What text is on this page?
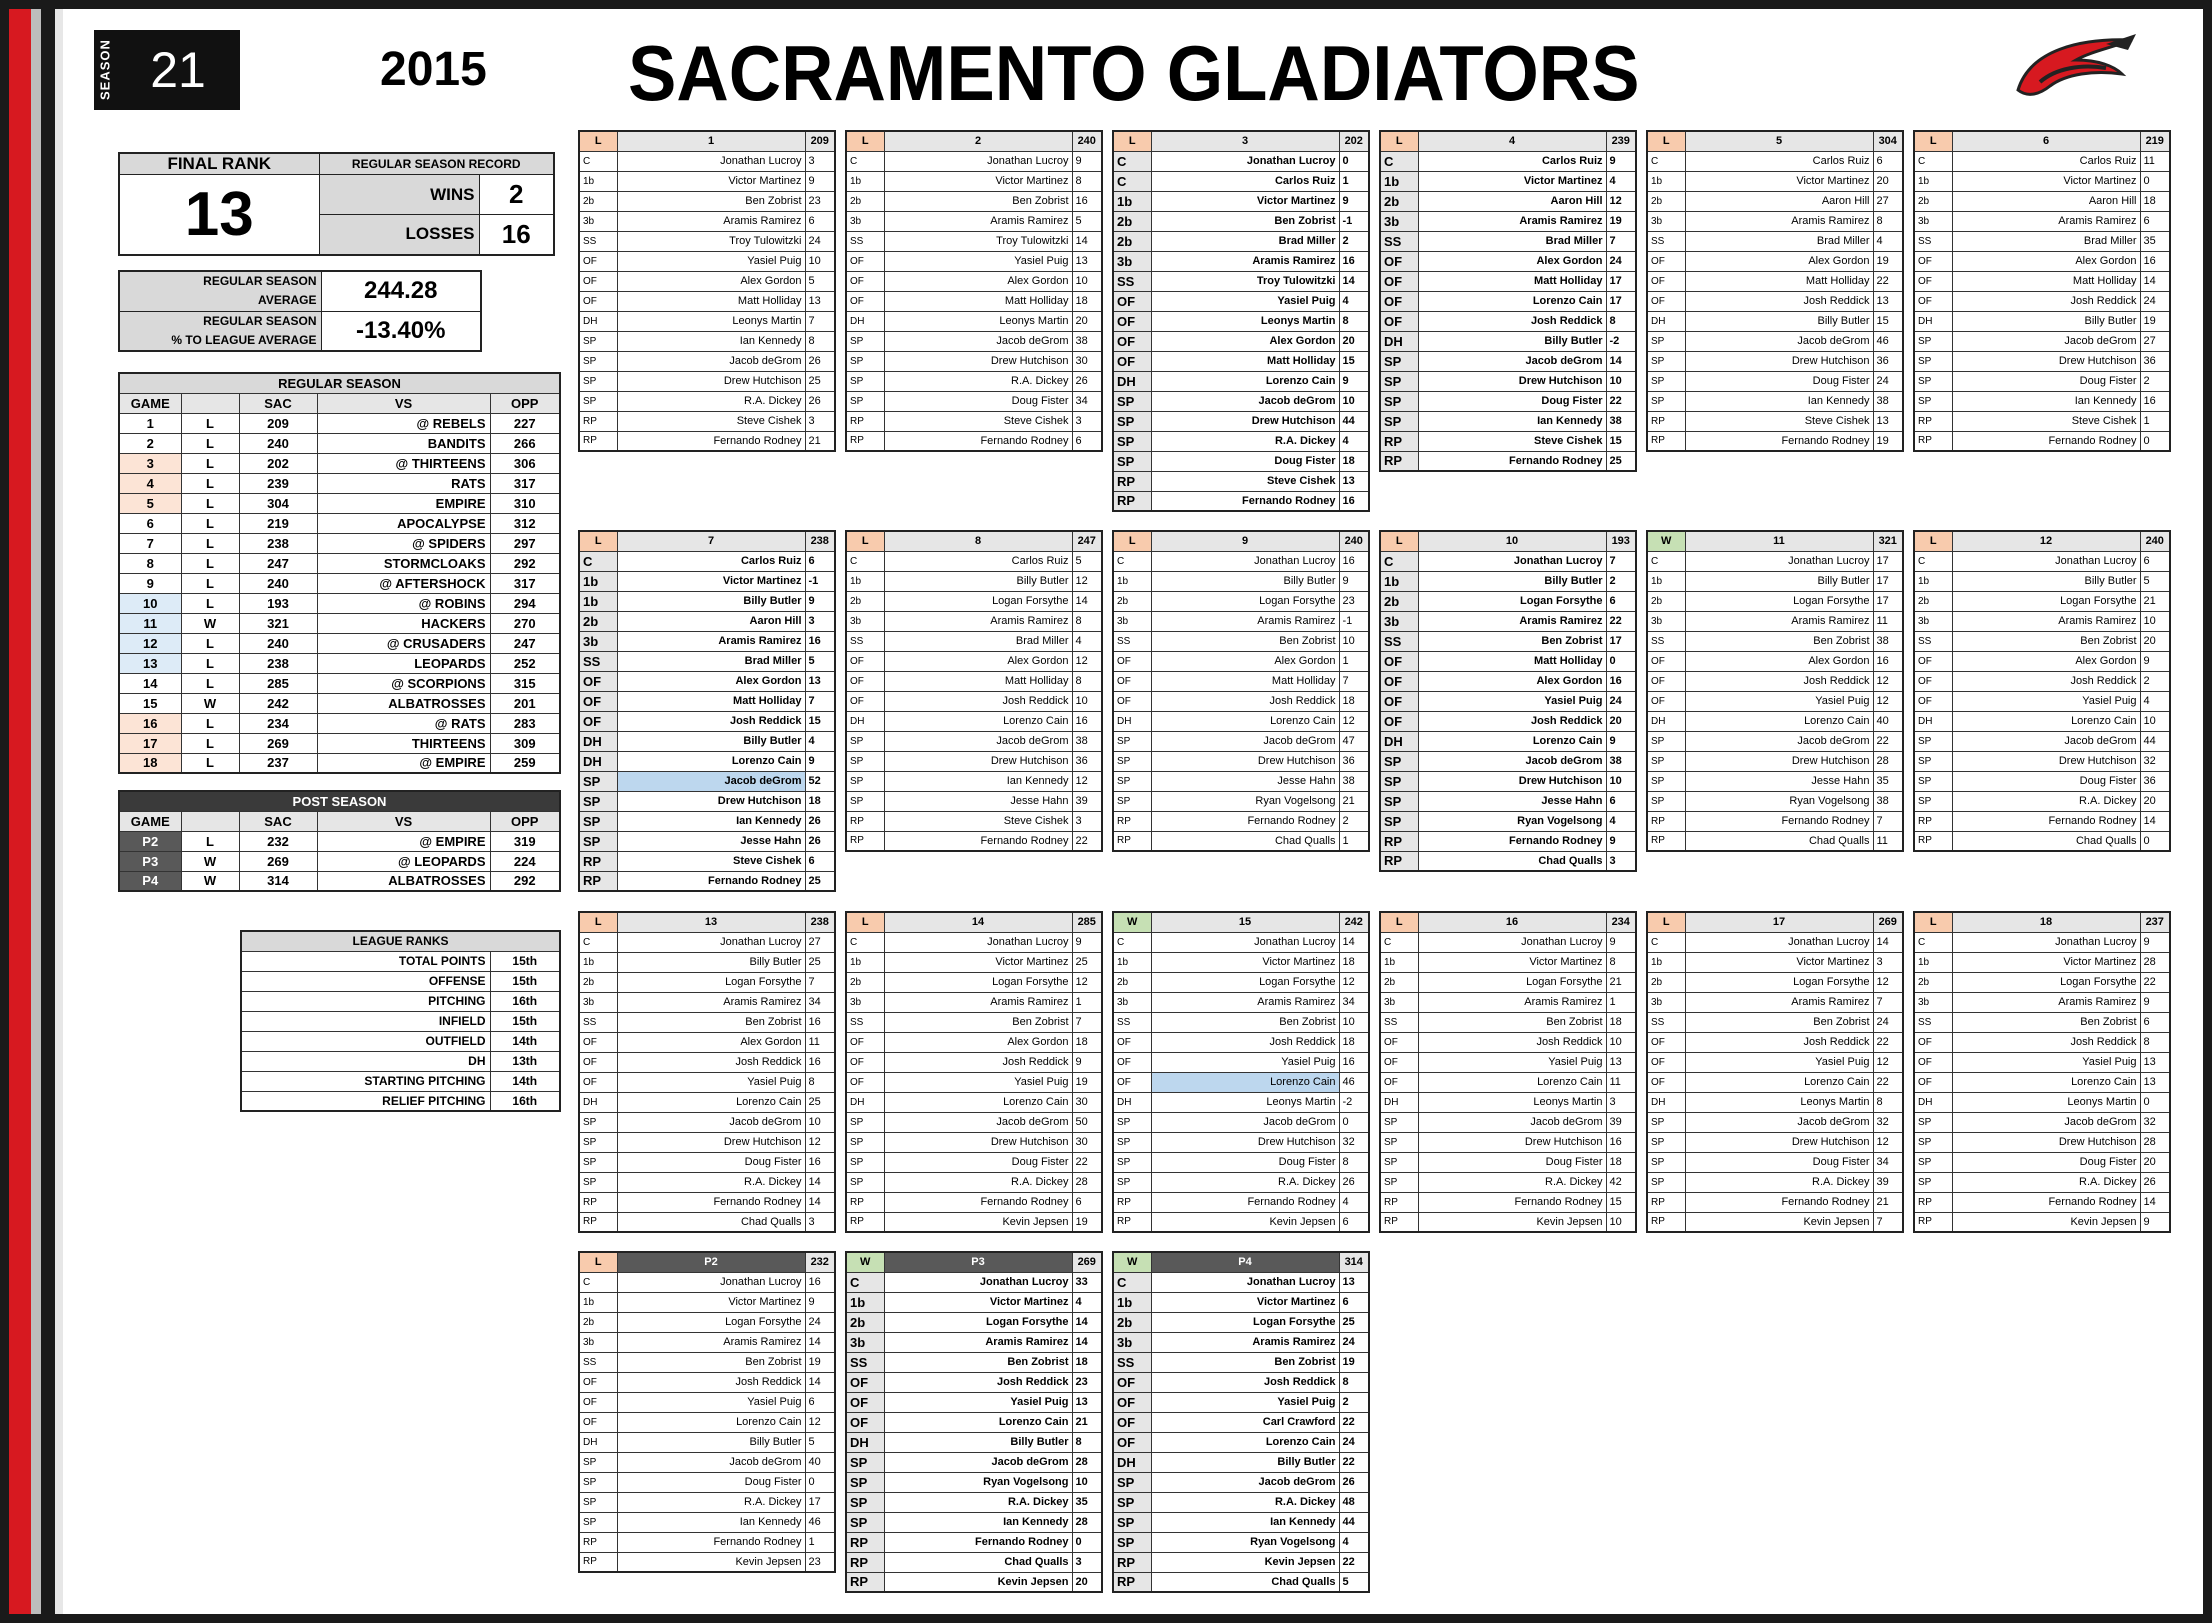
SEASON 21	2015 SACRAMENTO GLADIATORS
FINAL RANK	REGULAR SEASON RECORD	
13	WINS	2
	LOSSES	16
REGULAR SEASON
AVERAGE	244.28

REGULAR SEASON
% TO LEAGUE AVERAGE	-13.40%
REGULAR SEASON				
GAME		SAC	VS	OPP
1	L	209	@ REBELS	227
2	L	240	BANDITS	266
3	L	202	@ THIRTEENS	306
4	L	239	RATS	317
5	L	304	EMPIRE	310
6	L	219	APOCALYPSE	312
7	L	238	@ SPIDERS	297
8	L	247	STORMCLOAKS	292
9	L	240	@ AFTERSHOCK	317
10	L	193	@ ROBINS	294
11	W	321	HACKERS	270
12	L	240	@ CRUSADERS	247
13	L	238	LEOPARDS	252
14	L	285	@ SCORPIONS	315
15	W	242	ALBATROSSES	201
16	L	234	@ RATS	283
17	L	269	THIRTEENS	309
18	L	237	@ EMPIRE	259
POST SEASON				
GAME		SAC	VS	OPP
P2	L	232	@ EMPIRE	319
P3	W	269	@ LEOPARDS	224
P4	W	314	ALBATROSSES	292
LEAGUE RANKS	
TOTAL POINTS	15th
OFFENSE	15th
PITCHING	16th
INFIELD	15th
OUTFIELD	14th
DH	13th
STARTING PITCHING	14th
RELIEF PITCHING	16th
L	1	209
C	Jonathan Lucroy	3
1b	Victor Martinez	9
2b	Ben Zobrist	23
3b	Aramis Ramirez	6
SS	Troy Tulowitzki	24
OF	Yasiel Puig	10
OF	Alex Gordon	5
OF	Matt Holliday	13
DH	Leonys Martin	7
SP	Ian Kennedy	8
SP	Jacob deGrom	26
SP	Drew Hutchison	25
SP	R.A. Dickey	26
RP	Steve Cishek	3
RP	Fernando Rodney	21
L	2	240
C	Jonathan Lucroy	9
1b	Victor Martinez	8
2b	Ben Zobrist	16
3b	Aramis Ramirez	5
SS	Troy Tulowitzki	14
OF	Yasiel Puig	13
OF	Alex Gordon	10
OF	Matt Holliday	18
DH	Leonys Martin	20
SP	Jacob deGrom	38
SP	Drew Hutchison	30
SP	R.A. Dickey	26
SP	Doug Fister	34
RP	Steve Cishek	3
RP	Fernando Rodney	6
L	3	202
C	Jonathan Lucroy	0
C	Carlos Ruiz	1
1b	Victor Martinez	9
2b	Ben Zobrist	-1
2b	Brad Miller	2
3b	Aramis Ramirez	16
SS	Troy Tulowitzki	14
OF	Yasiel Puig	4
OF	Leonys Martin	8
OF	Alex Gordon	20
OF	Matt Holliday	15
DH	Lorenzo Cain	9
SP	Jacob deGrom	10
SP	Drew Hutchison	44
SP	R.A. Dickey	4
SP	Doug Fister	18
RP	Steve Cishek	13
RP	Fernando Rodney	16
L	4	239
C	Carlos Ruiz	9
1b	Victor Martinez	4
2b	Aaron Hill	12
3b	Aramis Ramirez	19
SS	Brad Miller	7
OF	Alex Gordon	24
OF	Matt Holliday	17
OF	Lorenzo Cain	17
OF	Josh Reddick	8
DH	Billy Butler	-2
SP	Jacob deGrom	14
SP	Drew Hutchison	10
SP	Doug Fister	22
SP	Ian Kennedy	38
RP	Steve Cishek	15
RP	Fernando Rodney	25
L	5	304
C	Carlos Ruiz	6
1b	Victor Martinez	20
2b	Aaron Hill	27
3b	Aramis Ramirez	8
SS	Brad Miller	4
OF	Alex Gordon	19
OF	Matt Holliday	22
OF	Josh Reddick	13
DH	Billy Butler	15
SP	Jacob deGrom	46
SP	Drew Hutchison	36
SP	Doug Fister	24
SP	Ian Kennedy	38
RP	Steve Cishek	13
RP	Fernando Rodney	19
L	6	219
C	Carlos Ruiz	11
1b	Victor Martinez	0
2b	Aaron Hill	18
3b	Aramis Ramirez	6
SS	Brad Miller	35
OF	Alex Gordon	16
OF	Matt Holliday	14
OF	Josh Reddick	24
DH	Billy Butler	19
SP	Jacob deGrom	27
SP	Drew Hutchison	36
SP	Doug Fister	2
SP	Ian Kennedy	16
RP	Steve Cishek	1
RP	Fernando Rodney	0
L	7	238
C	Carlos Ruiz	6
1b	Victor Martinez	-1
1b	Billy Butler	9
2b	Aaron Hill	3
3b	Aramis Ramirez	16
SS	Brad Miller	5
OF	Alex Gordon	13
OF	Matt Holliday	7
OF	Josh Reddick	15
DH	Billy Butler	4
DH	Lorenzo Cain	9
SP	Jacob deGrom	52
SP	Drew Hutchison	18
SP	Ian Kennedy	26
SP	Jesse Hahn	26
RP	Steve Cishek	6
RP	Fernando Rodney	25
L	8	247
C	Carlos Ruiz	5
1b	Billy Butler	12
2b	Logan Forsythe	14
3b	Aramis Ramirez	8
SS	Brad Miller	4
OF	Alex Gordon	12
OF	Matt Holliday	8
OF	Josh Reddick	10
DH	Lorenzo Cain	16
SP	Jacob deGrom	38
SP	Drew Hutchison	36
SP	Ian Kennedy	12
SP	Jesse Hahn	39
RP	Steve Cishek	3
RP	Fernando Rodney	22
L	9	240
C	Jonathan Lucroy	16
1b	Billy Butler	9
2b	Logan Forsythe	23
3b	Aramis Ramirez	-1
SS	Ben Zobrist	10
OF	Alex Gordon	1
OF	Matt Holliday	7
OF	Josh Reddick	18
DH	Lorenzo Cain	12
SP	Jacob deGrom	47
SP	Drew Hutchison	36
SP	Jesse Hahn	38
SP	Ryan Vogelsong	21
RP	Fernando Rodney	2
RP	Chad Qualls	1
L	10	193
C	Jonathan Lucroy	7
1b	Billy Butler	2
2b	Logan Forsythe	6
3b	Aramis Ramirez	22
SS	Ben Zobrist	17
OF	Matt Holliday	0
OF	Alex Gordon	16
OF	Yasiel Puig	24
OF	Josh Reddick	20
DH	Lorenzo Cain	9
SP	Jacob deGrom	38
SP	Drew Hutchison	10
SP	Jesse Hahn	6
SP	Ryan Vogelsong	4
RP	Fernando Rodney	9
RP	Chad Qualls	3
W	11	321
C	Jonathan Lucroy	17
1b	Billy Butler	17
2b	Logan Forsythe	17
3b	Aramis Ramirez	11
SS	Ben Zobrist	38
OF	Alex Gordon	16
OF	Josh Reddick	12
OF	Yasiel Puig	12
DH	Lorenzo Cain	40
SP	Jacob deGrom	22
SP	Drew Hutchison	28
SP	Jesse Hahn	35
SP	Ryan Vogelsong	38
RP	Fernando Rodney	7
RP	Chad Qualls	11
L	12	240
C	Jonathan Lucroy	6
1b	Billy Butler	5
2b	Logan Forsythe	21
3b	Aramis Ramirez	10
SS	Ben Zobrist	20
OF	Alex Gordon	9
OF	Josh Reddick	2
OF	Yasiel Puig	4
DH	Lorenzo Cain	10
SP	Jacob deGrom	44
SP	Drew Hutchison	32
SP	Doug Fister	36
SP	R.A. Dickey	20
RP	Fernando Rodney	14
RP	Chad Qualls	0
L	13	238
C	Jonathan Lucroy	27
1b	Billy Butler	25
2b	Logan Forsythe	7
3b	Aramis Ramirez	34
SS	Ben Zobrist	16
OF	Alex Gordon	11
OF	Josh Reddick	16
OF	Yasiel Puig	8
DH	Lorenzo Cain	25
SP	Jacob deGrom	10
SP	Drew Hutchison	12
SP	Doug Fister	16
SP	R.A. Dickey	14
RP	Fernando Rodney	14
RP	Chad Qualls	3
L	14	285
C	Jonathan Lucroy	9
1b	Victor Martinez	25
2b	Logan Forsythe	12
3b	Aramis Ramirez	1
SS	Ben Zobrist	7
OF	Alex Gordon	18
OF	Josh Reddick	9
OF	Yasiel Puig	19
DH	Lorenzo Cain	30
SP	Jacob deGrom	50
SP	Drew Hutchison	30
SP	Doug Fister	22
SP	R.A. Dickey	28
RP	Fernando Rodney	6
RP	Kevin Jepsen	19
W	15	242
C	Jonathan Lucroy	14
1b	Victor Martinez	18
2b	Logan Forsythe	12
3b	Aramis Ramirez	34
SS	Ben Zobrist	10
OF	Josh Reddick	18
OF	Yasiel Puig	16
OF	Lorenzo Cain	46
DH	Leonys Martin	-2
SP	Jacob deGrom	0
SP	Drew Hutchison	32
SP	Doug Fister	8
SP	R.A. Dickey	26
RP	Fernando Rodney	4
RP	Kevin Jepsen	6
L	16	234
C	Jonathan Lucroy	9
1b	Victor Martinez	8
2b	Logan Forsythe	21
3b	Aramis Ramirez	1
SS	Ben Zobrist	18
OF	Josh Reddick	10
OF	Yasiel Puig	13
OF	Lorenzo Cain	11
DH	Leonys Martin	3
SP	Jacob deGrom	39
SP	Drew Hutchison	16
SP	Doug Fister	18
SP	R.A. Dickey	42
RP	Fernando Rodney	15
RP	Kevin Jepsen	10
L	17	269
C	Jonathan Lucroy	14
1b	Victor Martinez	3
2b	Logan Forsythe	12
3b	Aramis Ramirez	7
SS	Ben Zobrist	24
OF	Josh Reddick	22
OF	Yasiel Puig	12
OF	Lorenzo Cain	22
DH	Leonys Martin	8
SP	Jacob deGrom	32
SP	Drew Hutchison	12
SP	Doug Fister	34
SP	R.A. Dickey	39
RP	Fernando Rodney	21
RP	Kevin Jepsen	7
L	18	237
C	Jonathan Lucroy	9
1b	Victor Martinez	28
2b	Logan Forsythe	22
3b	Aramis Ramirez	9
SS	Ben Zobrist	6
OF	Josh Reddick	8
OF	Yasiel Puig	13
OF	Lorenzo Cain	13
DH	Leonys Martin	0
SP	Jacob deGrom	32
SP	Drew Hutchison	28
SP	Doug Fister	20
SP	R.A. Dickey	26
RP	Fernando Rodney	14
RP	Kevin Jepsen	9
L	P2	232
C	Jonathan Lucroy	16
1b	Victor Martinez	9
2b	Logan Forsythe	24
3b	Aramis Ramirez	14
SS	Ben Zobrist	19
OF	Josh Reddick	14
OF	Yasiel Puig	6
OF	Lorenzo Cain	12
DH	Billy Butler	5
SP	Jacob deGrom	40
SP	Doug Fister	0
SP	R.A. Dickey	17
SP	Ian Kennedy	46
RP	Fernando Rodney	1
RP	Kevin Jepsen	23
W	P3	269
C	Jonathan Lucroy	33
1b	Victor Martinez	4
2b	Logan Forsythe	14
3b	Aramis Ramirez	14
SS	Ben Zobrist	18
OF	Josh Reddick	23
OF	Yasiel Puig	13
OF	Lorenzo Cain	21
DH	Billy Butler	8
SP	Jacob deGrom	28
SP	Ryan Vogelsong	10
SP	R.A. Dickey	35
SP	Ian Kennedy	28
RP	Fernando Rodney	0
RP	Chad Qualls	3
RP	Kevin Jepsen	20
W	P4	314
C	Jonathan Lucroy	13
1b	Victor Martinez	6
2b	Logan Forsythe	25
3b	Aramis Ramirez	24
SS	Ben Zobrist	19
OF	Josh Reddick	8
OF	Yasiel Puig	2
OF	Carl Crawford	22
OF	Lorenzo Cain	24
DH	Billy Butler	22
SP	Jacob deGrom	26
SP	R.A. Dickey	48
SP	Ian Kennedy	44
SP	Ryan Vogelsong	4
RP	Kevin Jepsen	22
RP	Chad Qualls	5
